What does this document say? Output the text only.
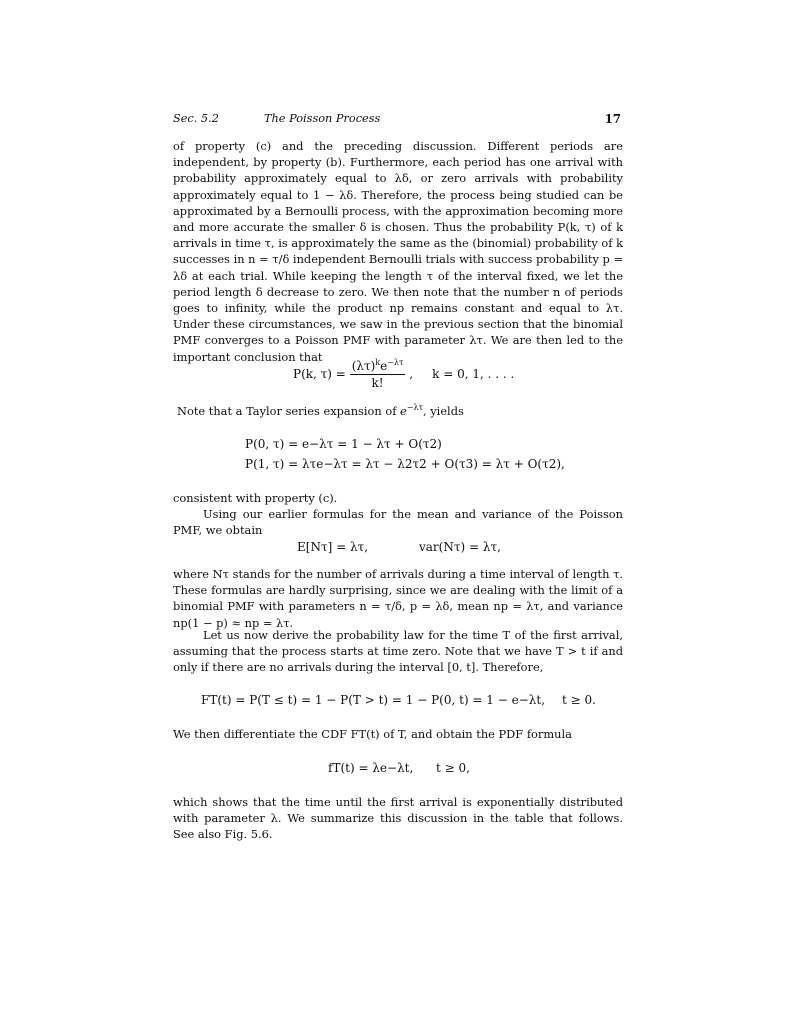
Sec. 5.2	The Poisson Process	17

of property (c) and the preceding discussion. Different periods are independent, by property (b). Furthermore, each period has one arrival with probability approximately equal to λδ, or zero arrivals with probability approximately equal to 1 − λδ. Therefore, the process being studied can be approximated by a Bernoulli process, with the approximation becoming more and more accurate the smaller δ is chosen. Thus the probability P(k, τ) of k arrivals in time τ, is approximately the same as the (binomial) probability of k successes in n = τ/δ independent Bernoulli trials with success probability p = λδ at each trial. While keeping the length τ of the interval fixed, we let the period length δ decrease to zero. We then note that the number n of periods goes to infinity, while the product np remains constant and equal to λτ. Under these circumstances, we saw in the previous section that the binomial PMF converges to a Poisson PMF with parameter λτ. We are then led to the important conclusion that

P(k, $\tau) = \frac{(\lambda\tau)^ke^{-\lambda\tau}}{k!}$ ,     k = 0, 1, . . . .

Note that a Taylor series expansion of $e^{-\lambda\tau}$, yields

P(0, τ) = e−λτ = 1 − λτ + O(τ2)
P(1, τ) = λτe−λτ = λτ − λ2τ2 + O(τ3) = λτ + O(τ2),

consistent with property (c).

Using our earlier formulas for the mean and variance of the Poisson PMF, we obtain

E[Nτ] = λτ,	var(Nτ) = λτ,

where Nτ stands for the number of arrivals during a time interval of length τ. These formulas are hardly surprising, since we are dealing with the limit of a binomial PMF with parameters n = τ/δ, p = λδ, mean np = λτ, and variance np(1 − p) ≈ np = λτ.

Let us now derive the probability law for the time T of the first arrival, assuming that the process starts at time zero. Note that we have T > t if and only if there are no arrivals during the interval [0, t]. Therefore,

FT(t) = P(T ≤ t) = 1 − P(T > t) = 1 − P(0, t) = 1 − e−λt, t ≥ 0.

We then differentiate the CDF FT(t) of T, and obtain the PDF formula

fT(t) = λe−λt, t ≥ 0,

which shows that the time until the first arrival is exponentially distributed with parameter λ. We summarize this discussion in the table that follows. See also Fig. 5.6.
